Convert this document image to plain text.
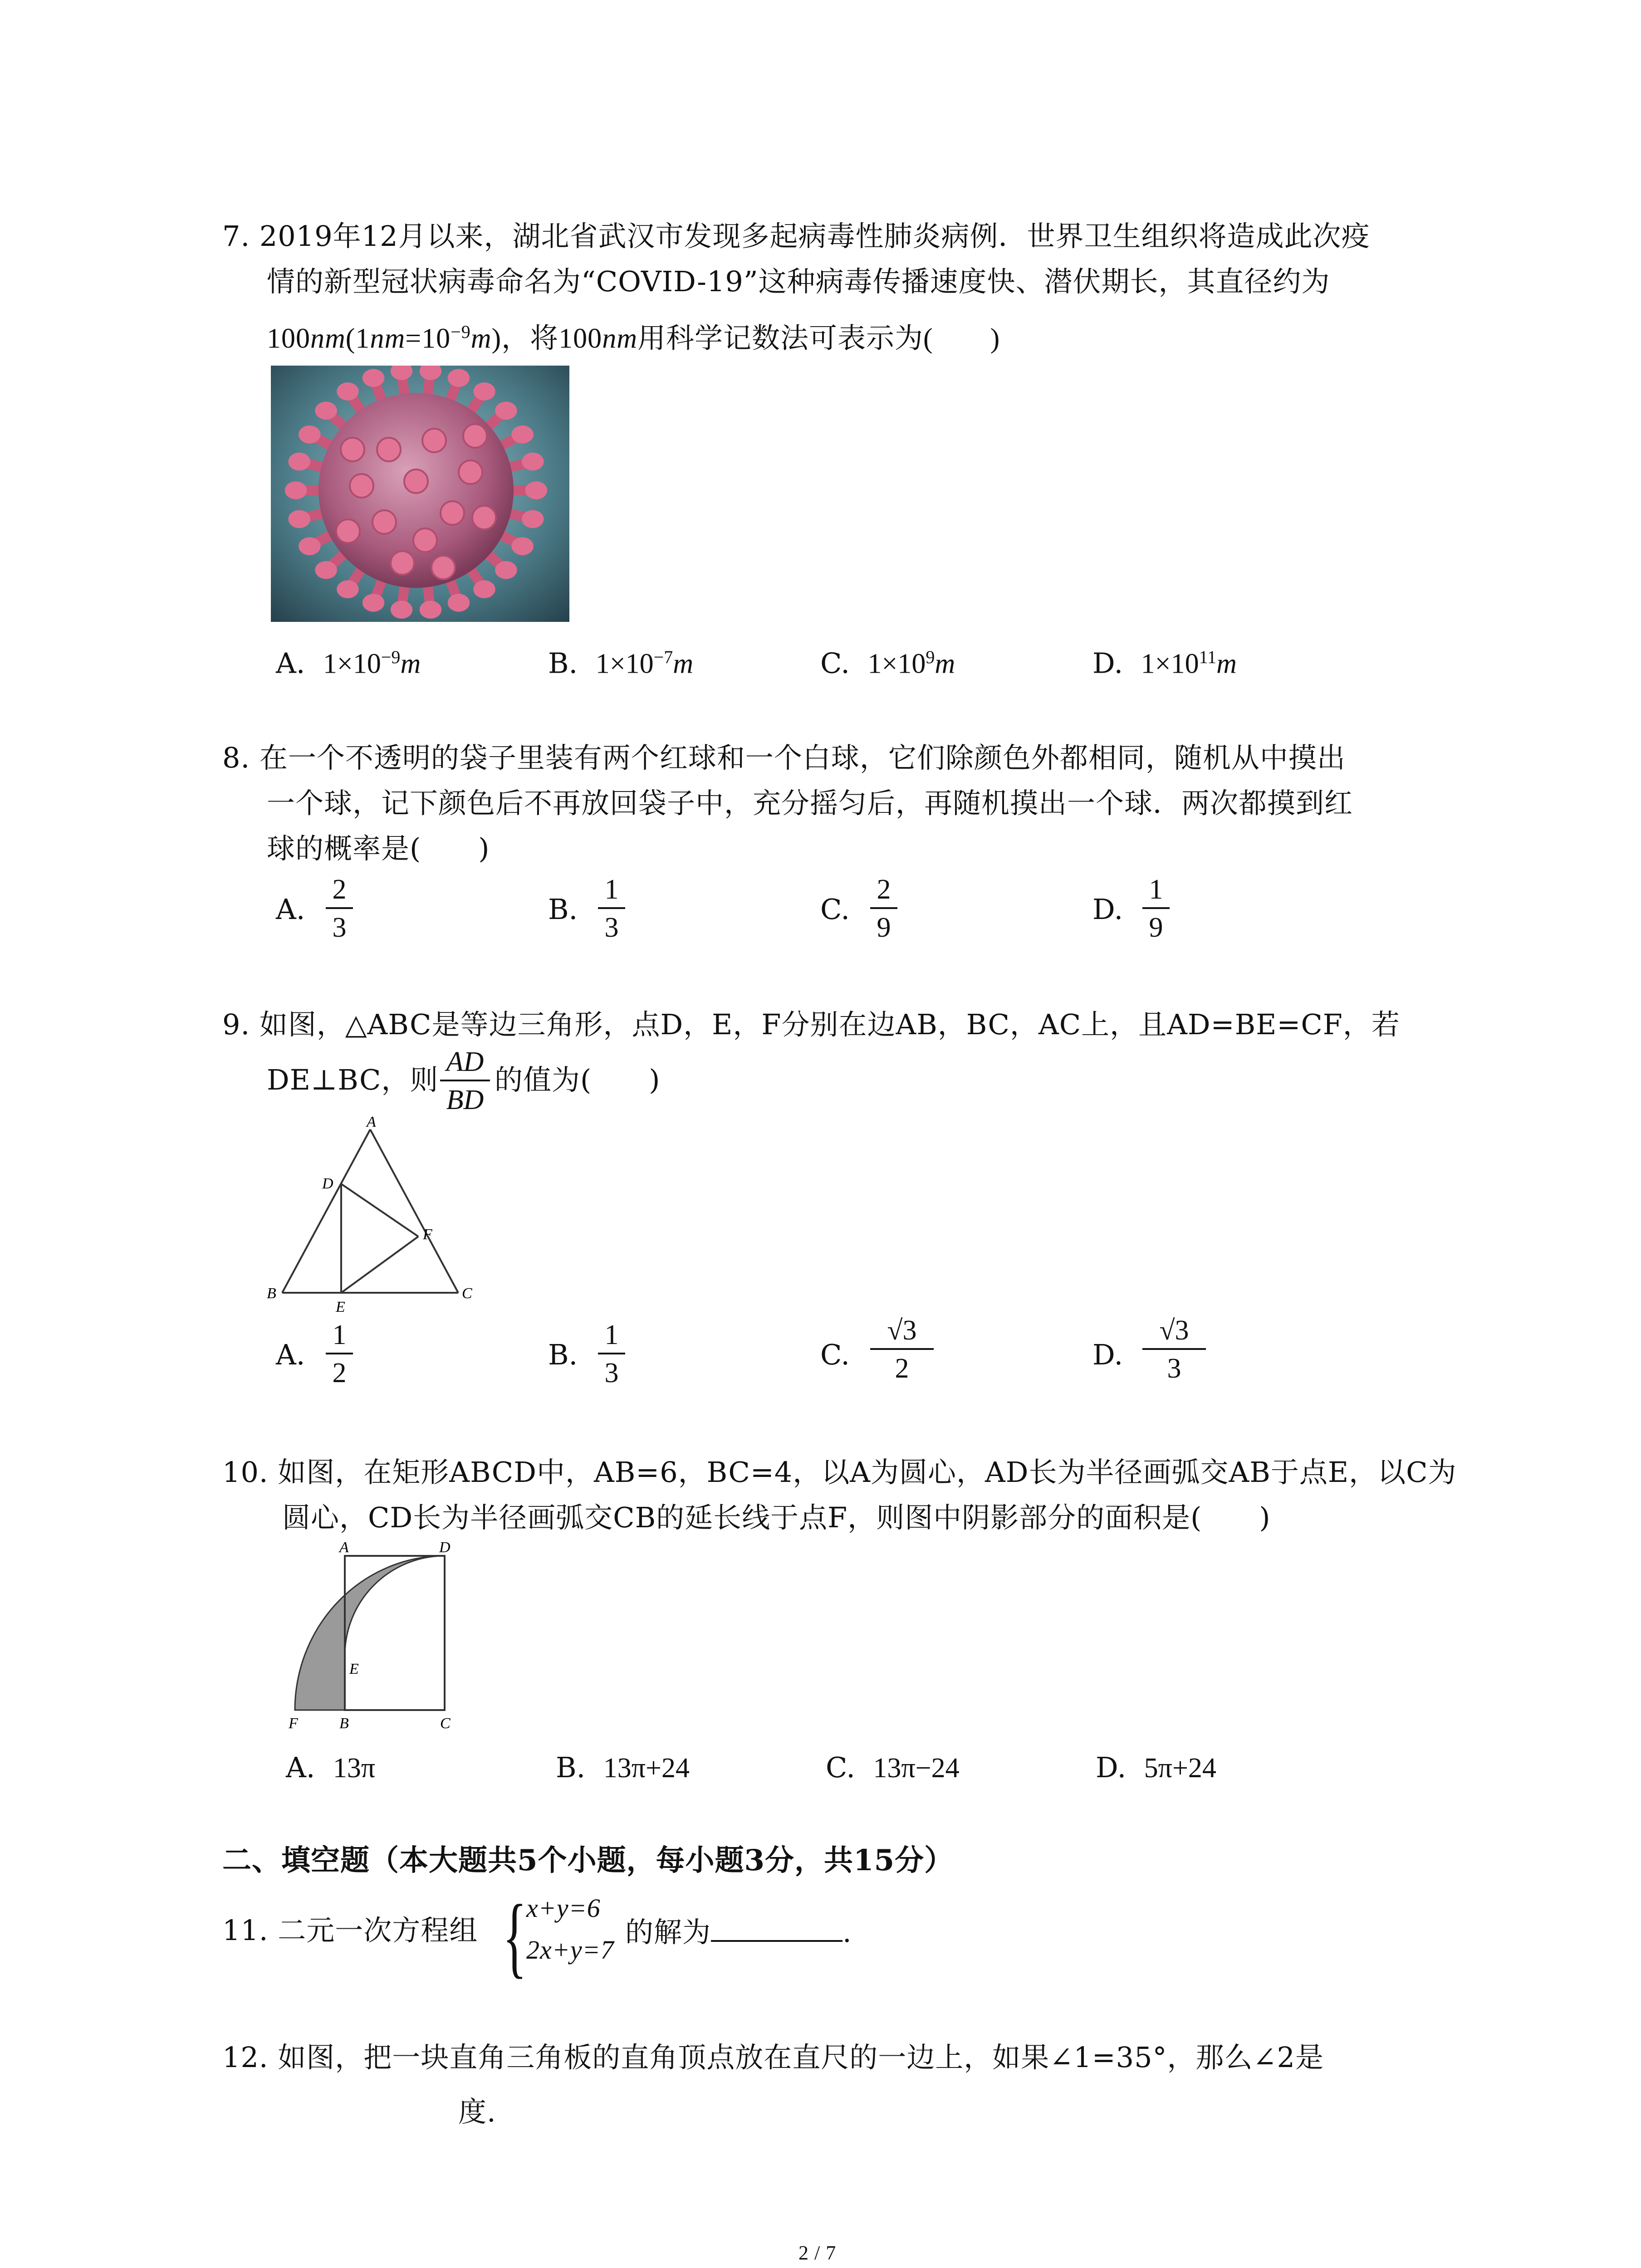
7. 2019年12月以来，湖北省武汉市发现多起病毒性肺炎病例．世界卫生组织将造成此次疫
情的新型冠状病毒命名为“COVID-19”这种病毒传播速度快、潜伏期长，其直径约为
$100nm(1nm=10^{-9}m)$，将100nm用科学记数法可表示为(　　)
A. $1\times 10^{-9}m$	B. $1\times 10^{-7}m$	C. $1\times 10^9m$	D. $1\times 10^{11}m$
8. 在一个不透明的袋子里装有两个红球和一个白球，它们除颜色外都相同，随机从中摸出
一个球，记下颜色后不再放回袋子中，充分摇匀后，再随机摸出一个球．两次都摸到红
球的概率是(　　)
A.
2
3
B.
1
3
C.
2
9
D.
1
9
9. 如图，△ABC是等边三角形，点D，E，F分别在边AB，BC，AC上，且AD=BE=CF，若
DE⊥BC，则
AD
BD
的值为(　　)
A
D
F
B
E
C
A.
1
2
B.
1
3
C.
√3
2	D.
√3
3
10. 如图，在矩形ABCD中，AB=6，BC=4，以A为圆心，AD长为半径画弧交AB于点E，以C为
圆心，CD长为半径画弧交CB的延长线于点F，则图中阴影部分的面积是(　　)
A	D
E
F	B	C
A. 13π	B. 13π+24	C. 13π−24	D. 5π+24
二、填空题（本大题共5个小题，每小题3分，共15分）
11. 二元一次方程组 { x+y=6
2x+y=7
的解为	.
12. 如图，把一块直角三角板的直角顶点放在直尺的一边上，如果∠1=35°，那么∠2是
度.
2 / 7
